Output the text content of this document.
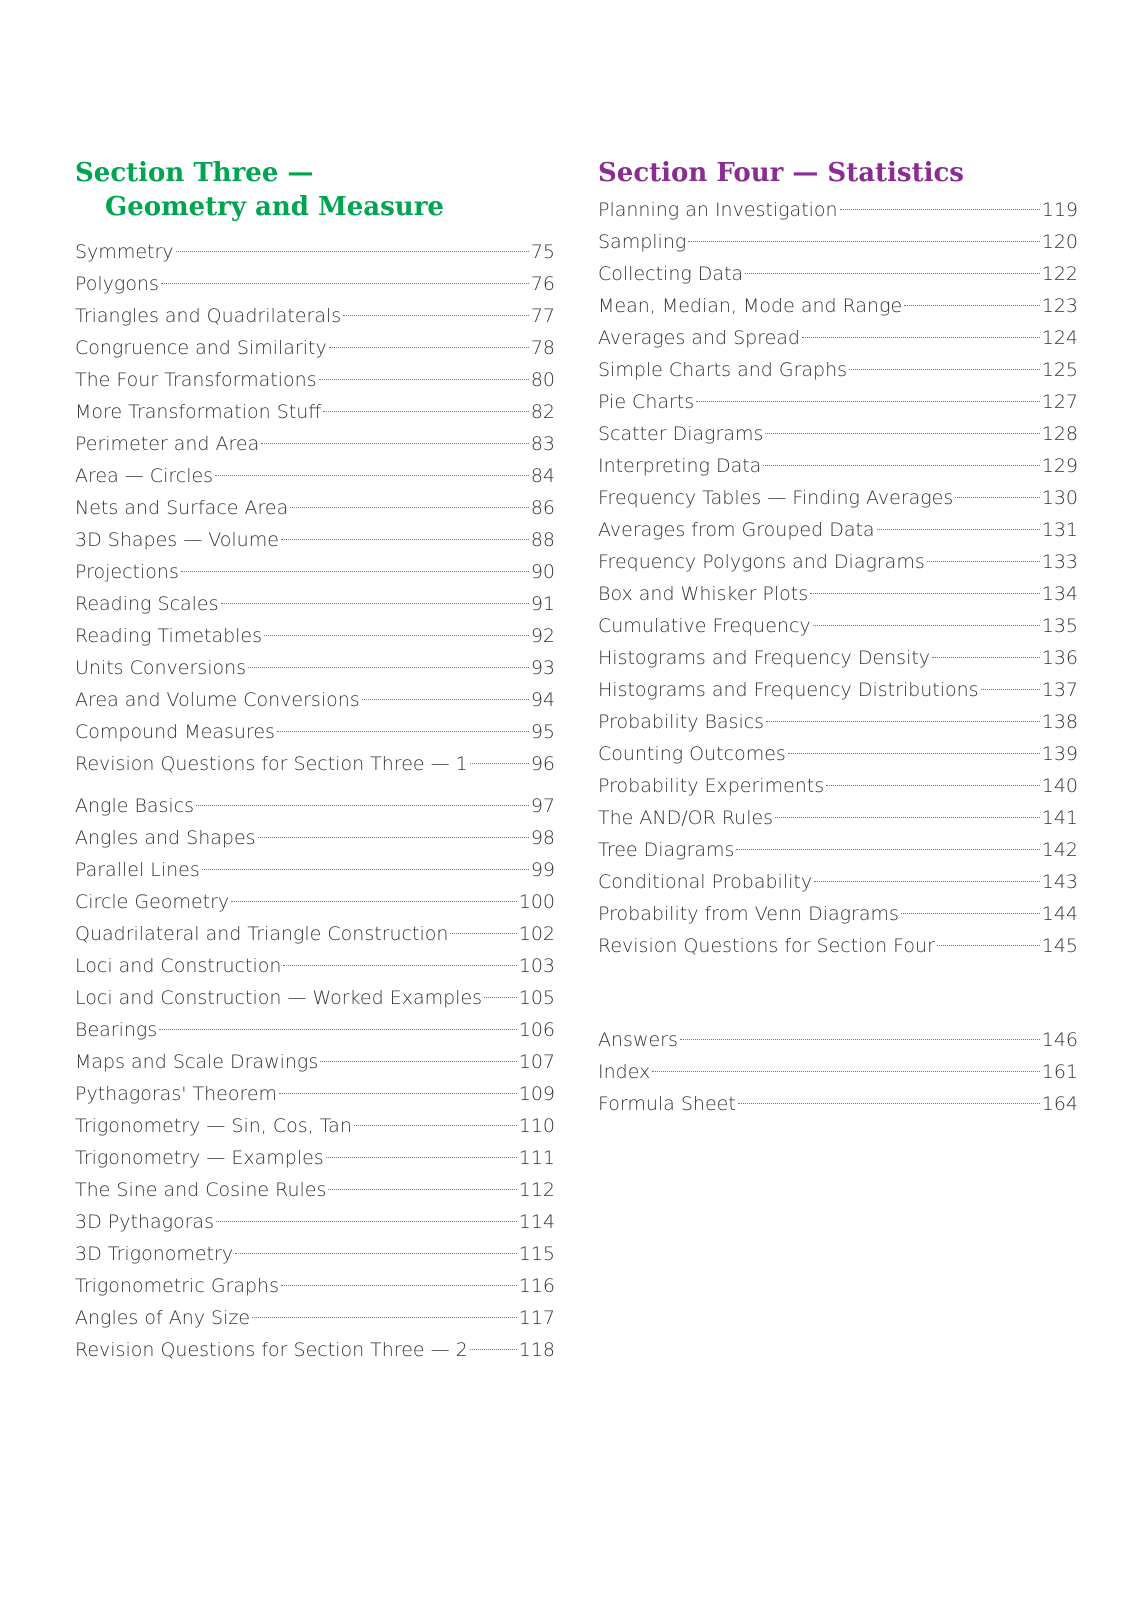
Section Three —
Geometry and Measure
Symmetry	75
Polygons	76
Triangles and Quadrilaterals	77
Congruence and Similarity	78
The Four Transformations	80
More Transformation Stuff	82
Perimeter and Area	83
Area — Circles	84
Nets and Surface Area	86
3D Shapes — Volume	88
Projections	90
Reading Scales	91
Reading Timetables	92
Units Conversions	93
Area and Volume Conversions	94
Compound Measures	95
Revision Questions for Section Three — 1	96
Angle Basics	97
Angles and Shapes	98
Parallel Lines	99
Circle Geometry	100
Quadrilateral and Triangle Construction	102
Loci and Construction	103
Loci and Construction — Worked Examples 105
Bearings	106
Maps and Scale Drawings	107
Pythagoras' Theorem	109
Trigonometry — Sin, Cos, Tan	110
Trigonometry — Examples	111
The Sine and Cosine Rules	112
3D Pythagoras	114
3D Trigonometry	115
Trigonometric Graphs	116
Angles of Any Size	117
Revision Questions for Section Three — 2	118
Section Four — Statistics
Planning an Investigation	119
Sampling	120
Collecting Data	122
Mean, Median, Mode and Range	123
Averages and Spread	124
Simple Charts and Graphs	125
Pie Charts	127
Scatter Diagrams	128
Interpreting Data	129
Frequency Tables — Finding Averages	130
Averages from Grouped Data	131
Frequency Polygons and Diagrams	133
Box and Whisker Plots	134
Cumulative Frequency	135
Histograms and Frequency Density	136
Histograms and Frequency Distributions	137
Probability Basics	138
Counting Outcomes	139
Probability Experiments	140
The AND/OR Rules	141
Tree Diagrams	142
Conditional Probability	143
Probability from Venn Diagrams	144
Revision Questions for Section Four	145
Answers	146
Index	161
Formula Sheet	164
